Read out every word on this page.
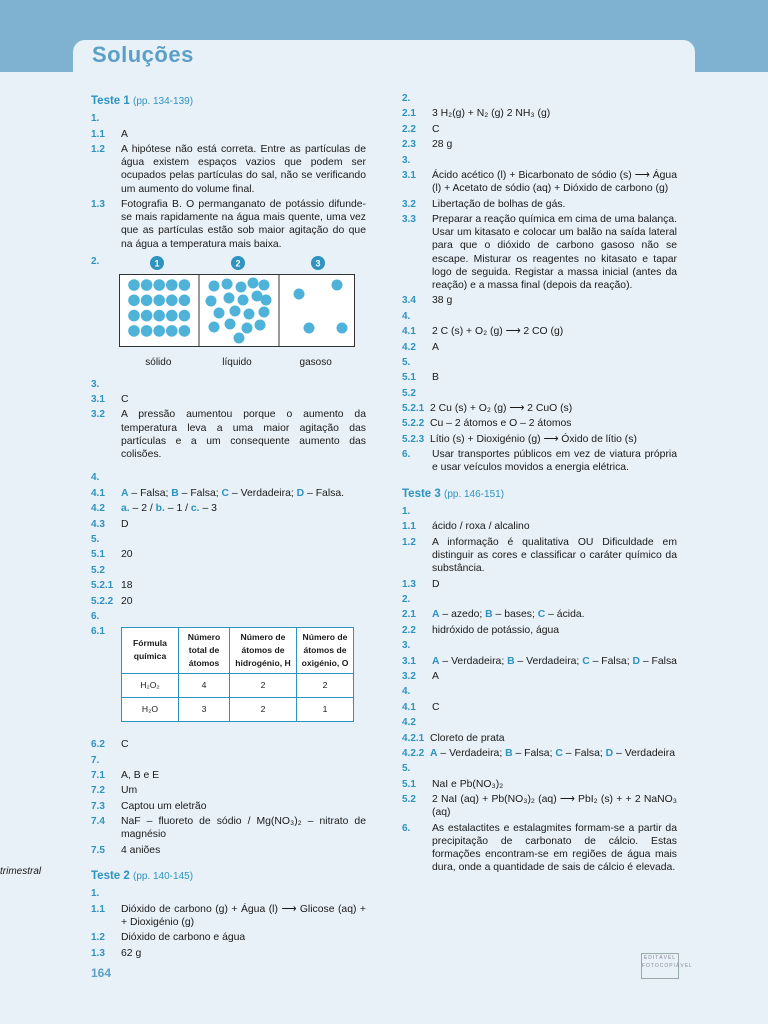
Soluções
trimestral
Teste 1 (pp. 134-139)
1.
1.1	A
1.2	A hipótese não está correta. Entre as partículas de água existem espaços vazios que podem ser ocupados pelas partículas do sal, não se verificando um aumento do volume final.
1.3	Fotografia B. O permanganato de potássio difunde-se mais rapidamente na água mais quente, uma vez que as partículas estão sob maior agitação do que na água a temperatura mais baixa.
2.	1	2	3
sólido	líquido	gasoso
3.
3.1	C
3.2	A pressão aumentou porque o aumento da temperatura leva a uma maior agitação das partículas e a um consequente aumento das colisões.
4.
4.1	A – Falsa; B – Falsa; C – Verdadeira; D – Falsa.
4.2	a. – 2 / b. – 1 / c. – 3
4.3	D
5.
5.1	20
5.2
5.2.1 18
5.2.2 20
6.
6.1
Fórmula química	Número total de átomos	Número de átomos de hidrogénio, H	Número de átomos de oxigénio, O
H₂O₂	4	2	2
H₂O	3	2	1
6.2	C
7.
7.1	A, B e E
7.2	Um
7.3	Captou um eletrão
7.4	NaF – fluoreto de sódio / Mg(NO₃)₂ – nitrato de magnésio
7.5	4 aniões
Teste 2 (pp. 140-145)
1.
1.1	Dióxido de carbono (g) + Água (l) ⟶ Glicose (aq) + + Dioxigénio (g)
1.2	Dióxido de carbono e água
1.3	62 g
2.
2.1	3 H₂(g) + N₂ (g) 2 NH₃ (g)
2.2	C
2.3	28 g
3.
3.1	Ácido acético (l) + Bicarbonato de sódio (s) ⟶ Água (l) + Acetato de sódio (aq) + Dióxido de carbono (g)
3.2	Libertação de bolhas de gás.
3.3	Preparar a reação química em cima de uma balança. Usar um kitasato e colocar um balão na saída lateral para que o dióxido de carbono gasoso não se escape. Misturar os reagentes no kitasato e tapar logo de seguida. Registar a massa inicial (antes da reação) e a massa final (depois da reação).
3.4	38 g
4.
4.1	2 C (s) + O₂ (g) ⟶ 2 CO (g)
4.2	A
5.
5.1	B
5.2
5.2.1 2 Cu (s) + O₂ (g) ⟶ 2 CuO (s)
5.2.2 Cu – 2 átomos e O – 2 átomos
5.2.3 Lítio (s) + Dioxigénio (g) ⟶ Óxido de lítio (s)
6.	Usar transportes públicos em vez de viatura própria e usar veículos movidos a energia elétrica.
Teste 3 (pp. 146-151)
1.
1.1	ácido / roxa / alcalino
1.2	A informação é qualitativa OU Dificuldade em distinguir as cores e classificar o caráter químico da substância.
1.3	D
2.
2.1	A – azedo; B – bases; C – ácida.
2.2	hidróxido de potássio, água
3.
3.1	A – Verdadeira; B – Verdadeira; C – Falsa; D – Falsa
3.2	A
4.
4.1	C
4.2
4.2.1 Cloreto de prata
4.2.2 A – Verdadeira; B – Falsa; C – Falsa; D – Verdadeira
5.
5.1	NaI e Pb(NO₃)₂
5.2	2 NaI (aq) + Pb(NO₃)₂ (aq) ⟶ PbI₂ (s) + + 2 NaNO₃ (aq)
6.	As estalactites e estalagmites formam-se a partir da precipitação de carbonato de cálcio. Estas formações encontram-se em regiões de água mais dura, onde a quantidade de sais de cálcio é elevada.
164
EDITÁVEL
FOTOCOPIÁVEL
